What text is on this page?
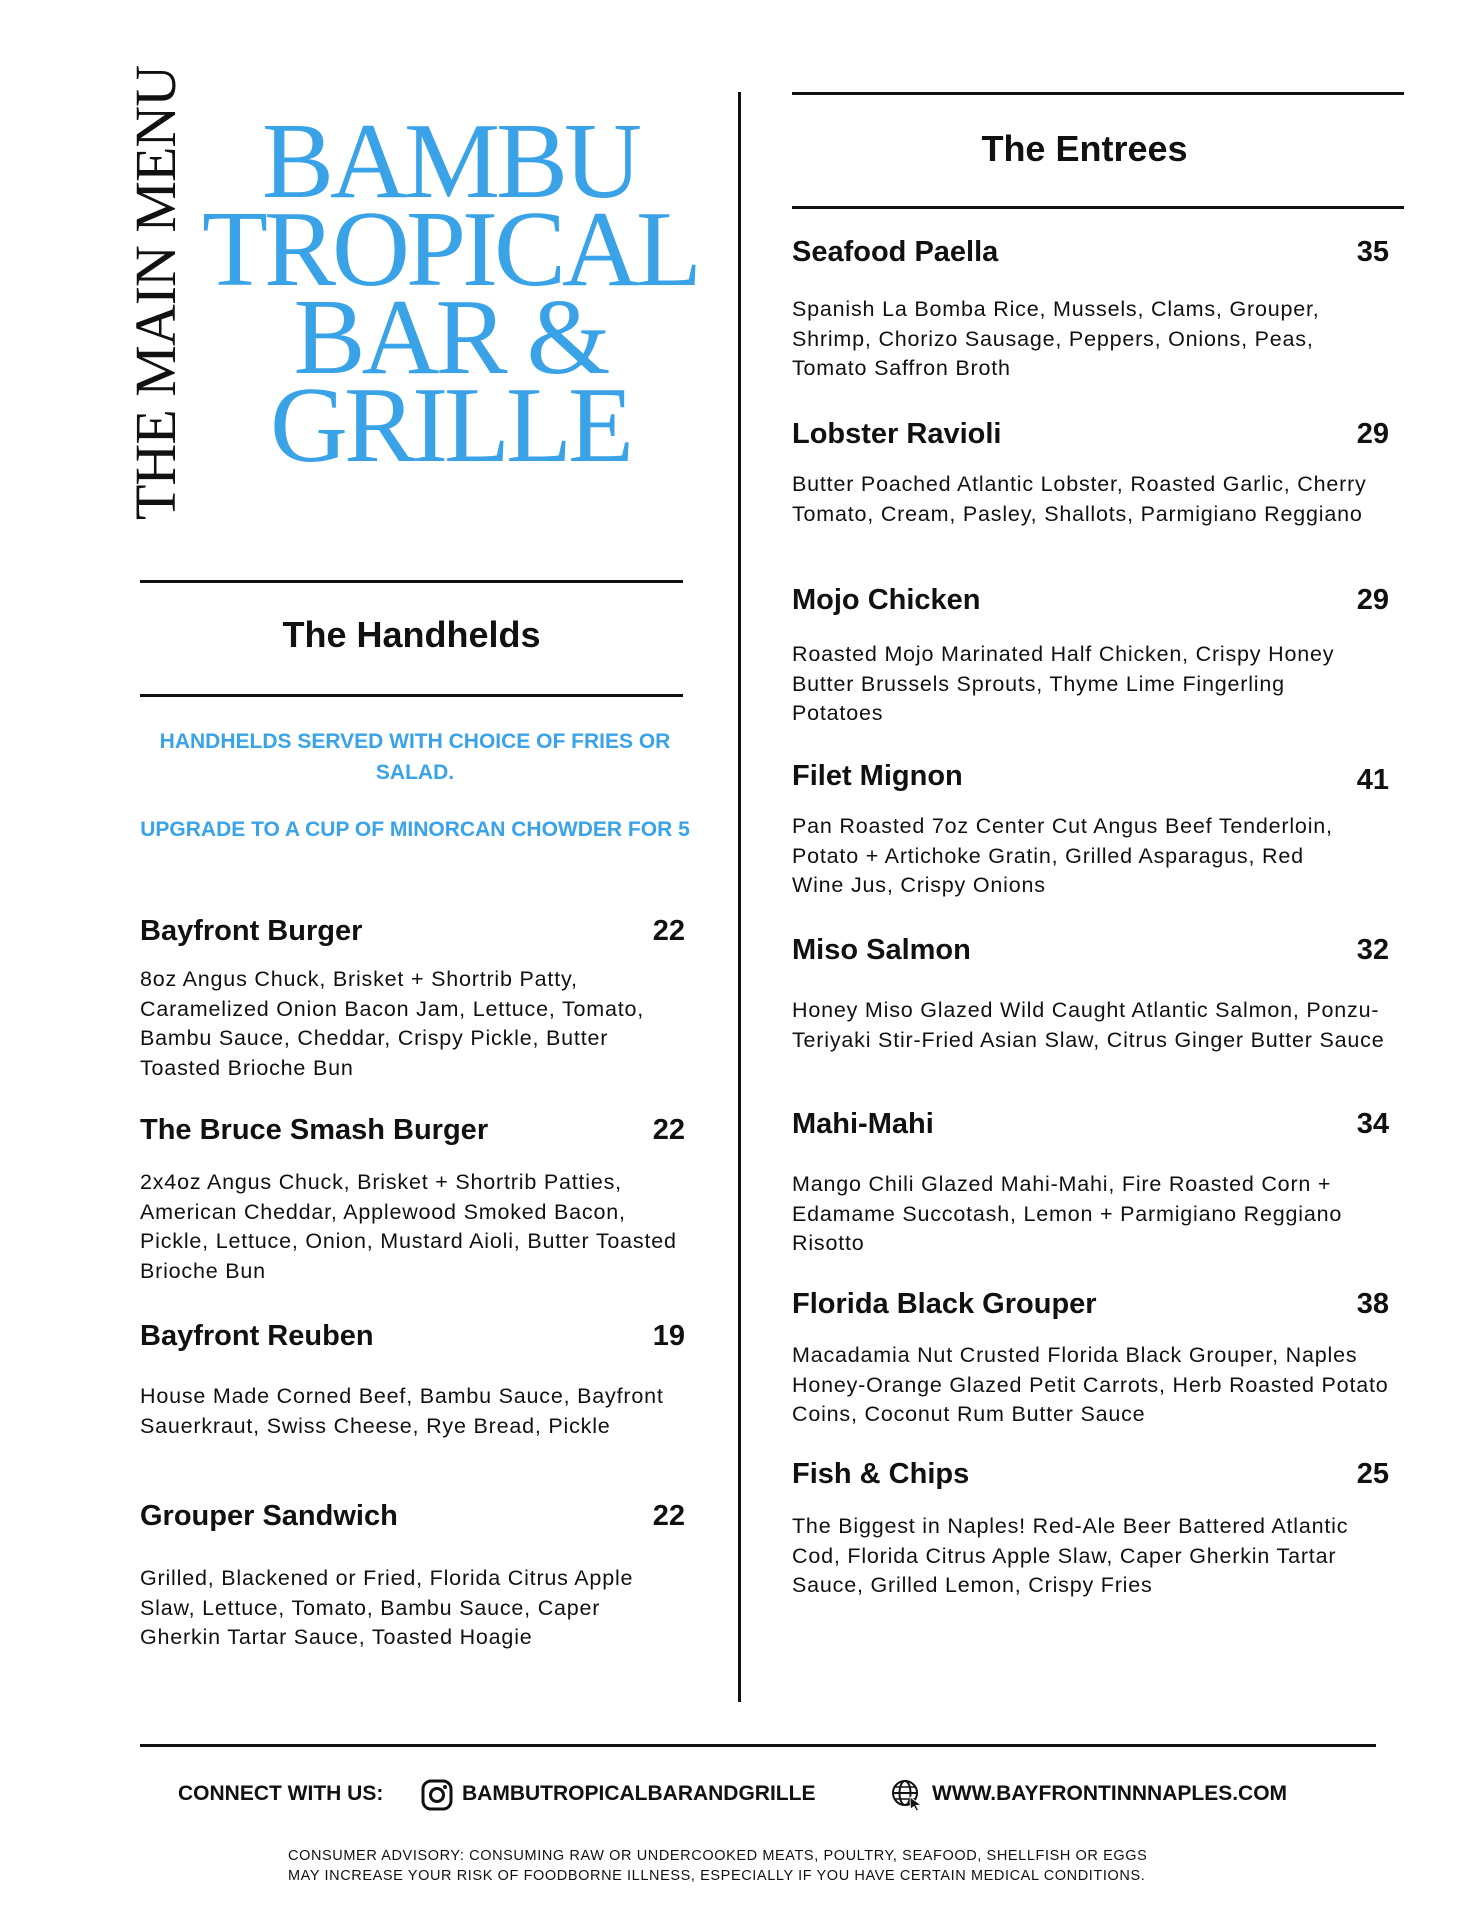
THE MAIN MENU BAMBU
TROPICAL
BAR &
GRILLE
The Handhelds
HANDHELDS SERVED WITH CHOICE OF FRIES OR SALAD.
UPGRADE TO A CUP OF MINORCAN CHOWDER FOR 5
Bayfront Burger	22
8oz Angus Chuck, Brisket + Shortrib Patty, Caramelized Onion Bacon Jam, Lettuce, Tomato, Bambu Sauce, Cheddar, Crispy Pickle, Butter Toasted Brioche Bun
The Bruce Smash Burger	22
2x4oz Angus Chuck, Brisket + Shortrib Patties, American Cheddar, Applewood Smoked Bacon, Pickle, Lettuce, Onion, Mustard Aioli, Butter Toasted Brioche Bun
Bayfront Reuben	19
House Made Corned Beef, Bambu Sauce, Bayfront Sauerkraut, Swiss Cheese, Rye Bread, Pickle
Grouper Sandwich	22
Grilled, Blackened or Fried, Florida Citrus Apple Slaw, Lettuce, Tomato, Bambu Sauce, Caper Gherkin Tartar Sauce, Toasted Hoagie
The Entrees
Seafood Paella	35
Spanish La Bomba Rice, Mussels, Clams, Grouper, Shrimp, Chorizo Sausage, Peppers, Onions, Peas, Tomato Saffron Broth
Lobster Ravioli	29
Butter Poached Atlantic Lobster, Roasted Garlic, Cherry Tomato, Cream, Pasley, Shallots, Parmigiano Reggiano
Mojo Chicken	29
Roasted Mojo Marinated Half Chicken, Crispy Honey Butter Brussels Sprouts, Thyme Lime Fingerling Potatoes
Filet Mignon	41
Pan Roasted 7oz Center Cut Angus Beef Tenderloin, Potato + Artichoke Gratin, Grilled Asparagus, Red Wine Jus, Crispy Onions
Miso Salmon	32
Honey Miso Glazed Wild Caught Atlantic Salmon, Ponzu-Teriyaki Stir-Fried Asian Slaw, Citrus Ginger Butter Sauce
Mahi-Mahi	34
Mango Chili Glazed Mahi-Mahi, Fire Roasted Corn + Edamame Succotash, Lemon + Parmigiano Reggiano Risotto
Florida Black Grouper	38
Macadamia Nut Crusted Florida Black Grouper, Naples Honey-Orange Glazed Petit Carrots, Herb Roasted Potato Coins, Coconut Rum Butter Sauce
Fish & Chips	25
The Biggest in Naples! Red-Ale Beer Battered Atlantic Cod, Florida Citrus Apple Slaw, Caper Gherkin Tartar Sauce, Grilled Lemon, Crispy Fries
CONNECT WITH US:	BAMBUTROPICALBARANDGRILLE	WWW.BAYFRONTINNNAPLES.COM
CONSUMER ADVISORY: CONSUMING RAW OR UNDERCOOKED MEATS, POULTRY, SEAFOOD, SHELLFISH OR EGGS
MAY INCREASE YOUR RISK OF FOODBORNE ILLNESS, ESPECIALLY IF YOU HAVE CERTAIN MEDICAL CONDITIONS.
